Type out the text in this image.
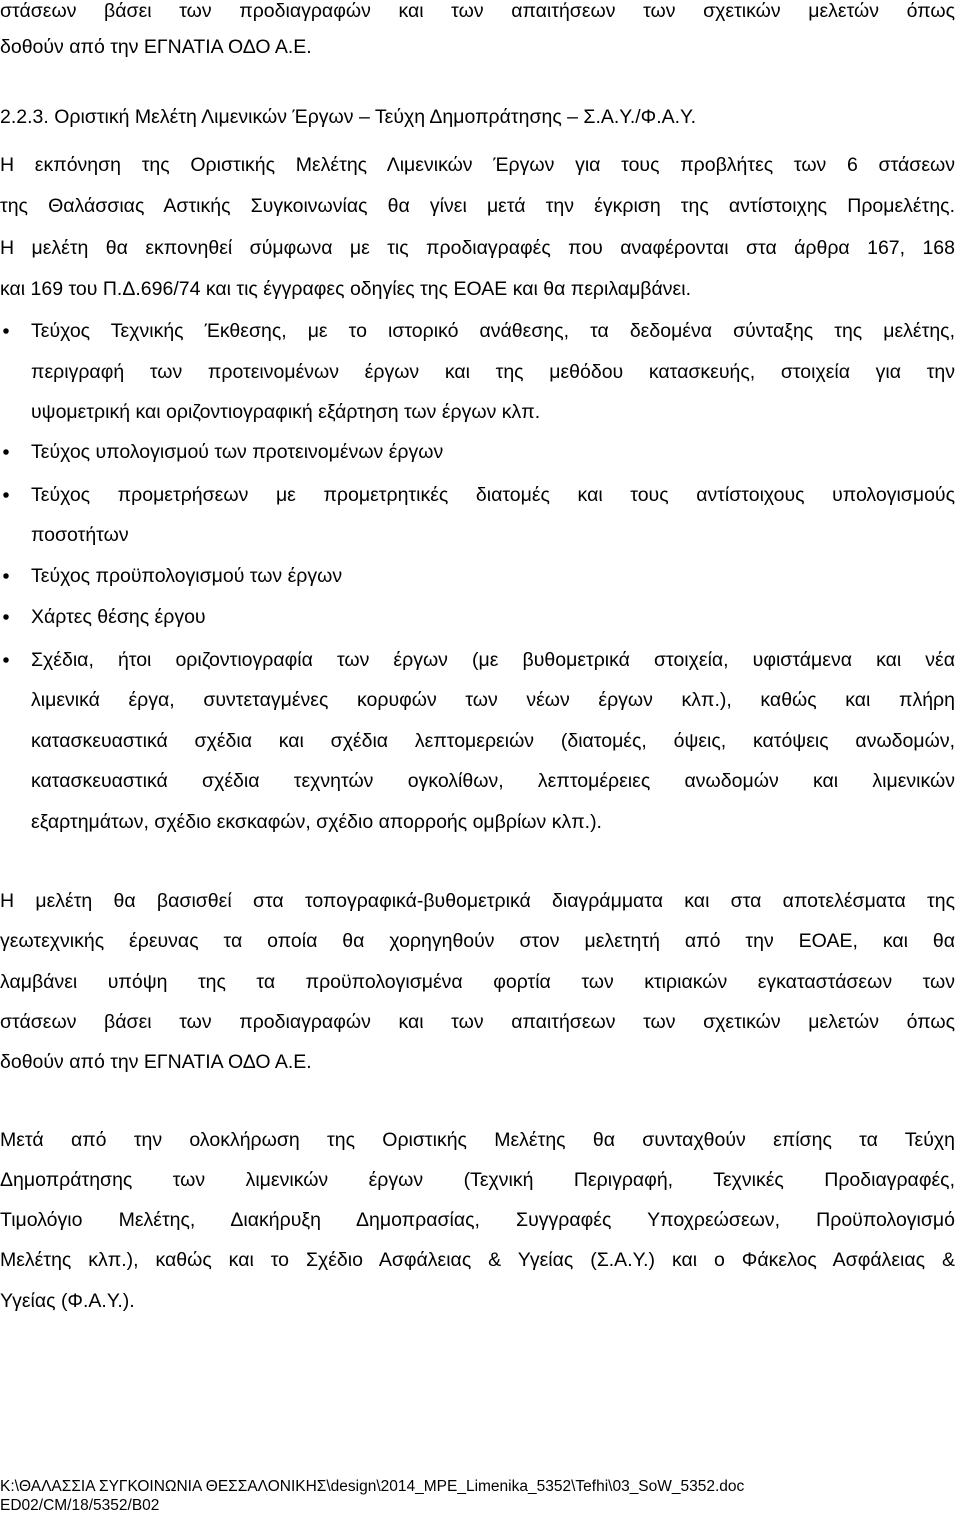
στάσεων βάσει των προδιαγραφών και των απαιτήσεων των σχετικών μελετών όπως
δοθούν από την ΕΓΝΑΤΙΑ ΟΔΟ Α.Ε.
2.2.3. Οριστική Μελέτη Λιμενικών Έργων – Τεύχη Δημοπράτησης – Σ.Α.Υ./Φ.Α.Υ.
Η εκπόνηση της Οριστικής Μελέτης Λιμενικών Έργων για τους προβλήτες των 6 στάσεων
της Θαλάσσιας Αστικής Συγκοινωνίας θα γίνει μετά την έγκριση της αντίστοιχης Προμελέτης.
Η μελέτη θα εκπονηθεί σύμφωνα με τις προδιαγραφές που αναφέρονται στα άρθρα 167, 168
και 169 του Π.Δ.696/74 και τις έγγραφες οδηγίες της ΕΟΑΕ και θα περιλαμβάνει.
Τεύχος Τεχνικής Έκθεσης, με το ιστορικό ανάθεσης, τα δεδομένα σύνταξης της μελέτης,
περιγραφή των προτεινομένων έργων και της μεθόδου κατασκευής, στοιχεία για την
υψομετρική και οριζοντιογραφική εξάρτηση των έργων κλπ.
Τεύχος υπολογισμού των προτεινομένων έργων
Τεύχος προμετρήσεων με προμετρητικές διατομές και τους αντίστοιχους υπολογισμούς
ποσοτήτων
Τεύχος προϋπολογισμού των έργων
Χάρτες θέσης έργου
Σχέδια, ήτοι οριζοντιογραφία των έργων (με βυθομετρικά στοιχεία, υφιστάμενα και νέα
λιμενικά έργα, συντεταγμένες κορυφών των νέων έργων κλπ.), καθώς και πλήρη
κατασκευαστικά σχέδια και σχέδια λεπτομερειών (διατομές, όψεις, κατόψεις ανωδομών,
κατασκευαστικά σχέδια τεχνητών ογκολίθων, λεπτομέρειες ανωδομών και λιμενικών
εξαρτημάτων, σχέδιο εκσκαφών, σχέδιο απορροής ομβρίων κλπ.).
Η μελέτη θα βασισθεί στα τοπογραφικά-βυθομετρικά διαγράμματα και στα αποτελέσματα της
γεωτεχνικής έρευνας τα οποία θα χορηγηθούν στον μελετητή από την ΕΟΑΕ, και θα
λαμβάνει υπόψη της τα προϋπολογισμένα φορτία των κτιριακών εγκαταστάσεων των
στάσεων βάσει των προδιαγραφών και των απαιτήσεων των σχετικών μελετών όπως
δοθούν από την ΕΓΝΑΤΙΑ ΟΔΟ Α.Ε.
Μετά από την ολοκλήρωση της Οριστικής Μελέτης θα συνταχθούν επίσης τα Τεύχη
Δημοπράτησης των λιμενικών έργων (Τεχνική Περιγραφή, Τεχνικές Προδιαγραφές,
Τιμολόγιο Μελέτης, Διακήρυξη Δημοπρασίας, Συγγραφές Υποχρεώσεων, Προϋπολογισμό
Μελέτης κλπ.), καθώς και το Σχέδιο Ασφάλειας & Υγείας (Σ.Α.Υ.) και ο Φάκελος Ασφάλειας &
Υγείας (Φ.Α.Υ.).
K:\ΘΑΛΑΣΣΙΑ ΣΥΓΚΟΙΝΩΝΙΑ ΘΕΣΣΑΛΟΝΙΚΗΣ\design\2014_ΜΡΕ_Limenika_5352\Tefhi\03_SoW_5352.doc
ED02/CM/18/5352/B02
